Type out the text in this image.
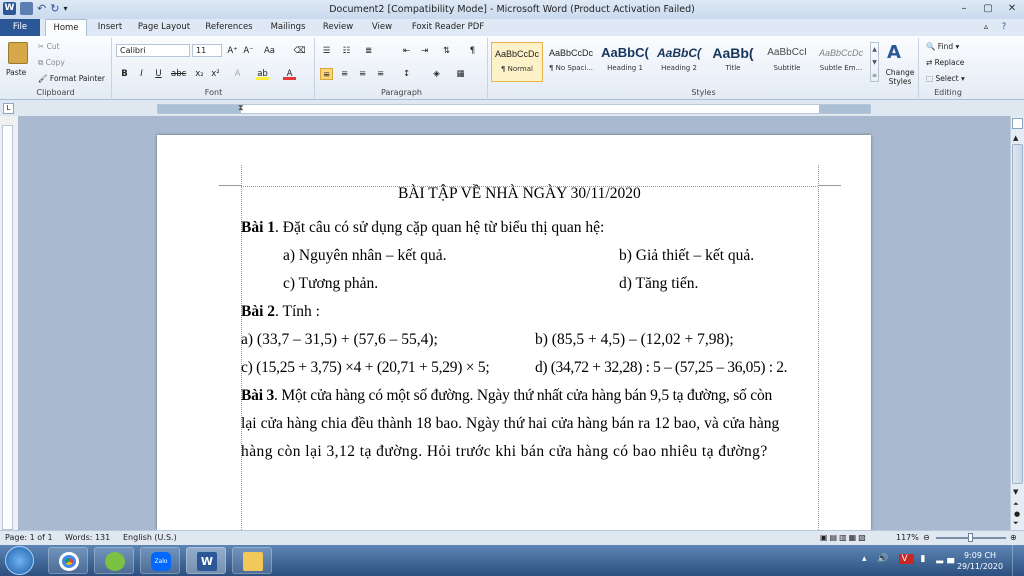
W ↶ ↻ ▾	Document2 [Compatibility Mode] - Microsoft Word (Product Activation Failed)	–	▢	✕
File	Home	Insert	Page Layout	References	Mailings	Review	View	Foxit Reader PDF	▵	?
Paste
✂ Cut
⧉ Copy
🖌 Format Painter
Clipboard
Calibri	11	A⁺ A⁻ Aa ⌫
B	I	U	abc x₂ x²	A	ab	A
Font
☰	☷	≣	⇤	⇥	⇅	¶
≡	≡	≡	≡	↕	◈	▦
Paragraph
AaBbCcDc
¶ Normal
AaBbCcDc
¶ No Spaci...
AaBbC(
Heading 1
AaBbC(
Heading 2
AaBb(
Title
AaBbCcI
Subtitle
AaBbCcDc
Subtle Em...
▲
▼
≡
A
Change Styles
Styles
🔍 Find ▾
⇄ Replace
⬚ Select ▾
Editing
L	⧗
BÀI TẬP VỀ NHÀ NGÀY 30/11/2020
Bài 1. Đặt câu có sử dụng cặp quan hệ từ biểu thị quan hệ:
a) Nguyên nhân – kết quả.	b) Giả thiết – kết quả.
c) Tương phản.	d) Tăng tiến.
Bài 2. Tính :
a) (33,7 – 31,5) + (57,6 – 55,4);	b) (85,5 + 4,5) – (12,02 + 7,98);
c) (15,25 + 3,75) ×4 + (20,71 + 5,29) × 5;	d) (34,72 + 32,28) : 5 – (57,25 – 36,05) : 2.
Bài 3. Một cửa hàng có một số đường. Ngày thứ nhất cửa hàng bán 9,5 tạ đường, số còn
lại cửa hàng chia đều thành 18 bao. Ngày thứ hai cửa hàng bán ra 12 bao, và cửa hàng
hàng còn lại 3,12 tạ đường. Hỏi trước khi bán cửa hàng có bao nhiêu tạ đường?
▲
▼
⏶
●
⏷
Page: 1 of 1 Words: 131 English (U.S.)	▣▤▥▦▧	117% ⊖	⊕
Zalo	W	▴ 🔊 V ▮ ▂▄ 9:09 CH
29/11/2020
